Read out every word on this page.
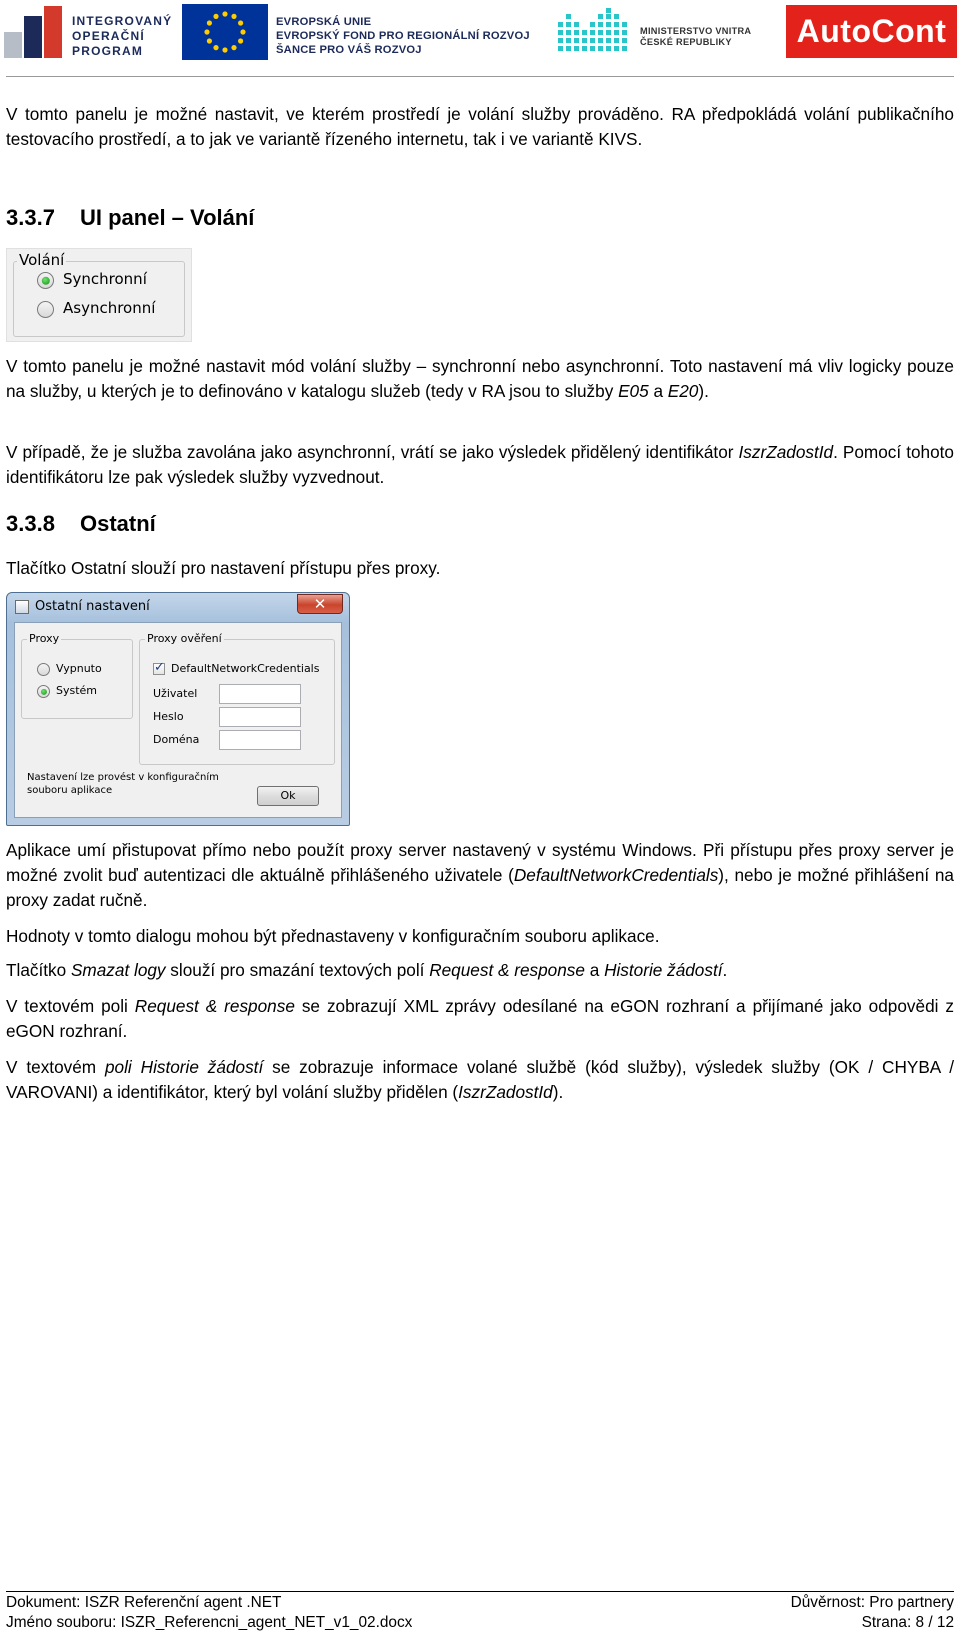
INTEGROVANÝ
OPERAČNÍ
PROGRAM
EVROPSKÁ UNIE
EVROPSKÝ FOND PRO REGIONÁLNÍ ROZVOJ
ŠANCE PRO VÁŠ ROZVOJ
MINISTERSTVO VNITRA
ČESKÉ REPUBLIKY	AutoCont
V tomto panelu je možné nastavit, ve kterém prostředí je volání služby prováděno. RA předpokládá volání publikačního testovacího prostředí, a to jak ve variantě řízeného internetu, tak i ve variantě KIVS.
3.3.7 UI panel – Volání
Volání
Synchronní
Asynchronní
V tomto panelu je možné nastavit mód volání služby – synchronní nebo asynchronní. Toto nastavení má vliv logicky pouze na služby, u kterých je to definováno v katalogu služeb (tedy v RA jsou to služby E05 a E20).
V případě, že je služba zavolána jako asynchronní, vrátí se jako výsledek přidělený identifikátor IszrZadostId. Pomocí tohoto identifikátoru lze pak výsledek služby vyzvednout.
3.3.8 Ostatní
Tlačítko Ostatní slouží pro nastavení přístupu přes proxy.
Ostatní nastavení	✕
Proxy
Vypnuto
Systém
Proxy ověření
✓
DefaultNetworkCredentials
Uživatel
Heslo
Doména
Nastavení lze provést v konfiguračním
souboru aplikace	Ok
Aplikace umí přistupovat přímo nebo použít proxy server nastavený v systému Windows. Při přístupu přes proxy server je možné zvolit buď autentizaci dle aktuálně přihlášeného uživatele (DefaultNetworkCredentials), nebo je možné přihlášení na proxy zadat ručně.
Hodnoty v tomto dialogu mohou být přednastaveny v konfiguračním souboru aplikace.
Tlačítko Smazat logy slouží pro smazání textových polí Request & response a Historie žádostí.
V textovém poli Request & response se zobrazují XML zprávy odesílané na eGON rozhraní a přijímané jako odpovědi z eGON rozhraní.
V textovém poli Historie žádostí se zobrazuje informace volané službě (kód služby), výsledek služby (OK / CHYBA / VAROVANI) a identifikátor, který byl volání služby přidělen (IszrZadostId).
Dokument: ISZR Referenční agent .NET
Jméno souboru: ISZR_Referencni_agent_NET_v1_02.docx
Důvěrnost: Pro partnery
Strana: 8 / 12
